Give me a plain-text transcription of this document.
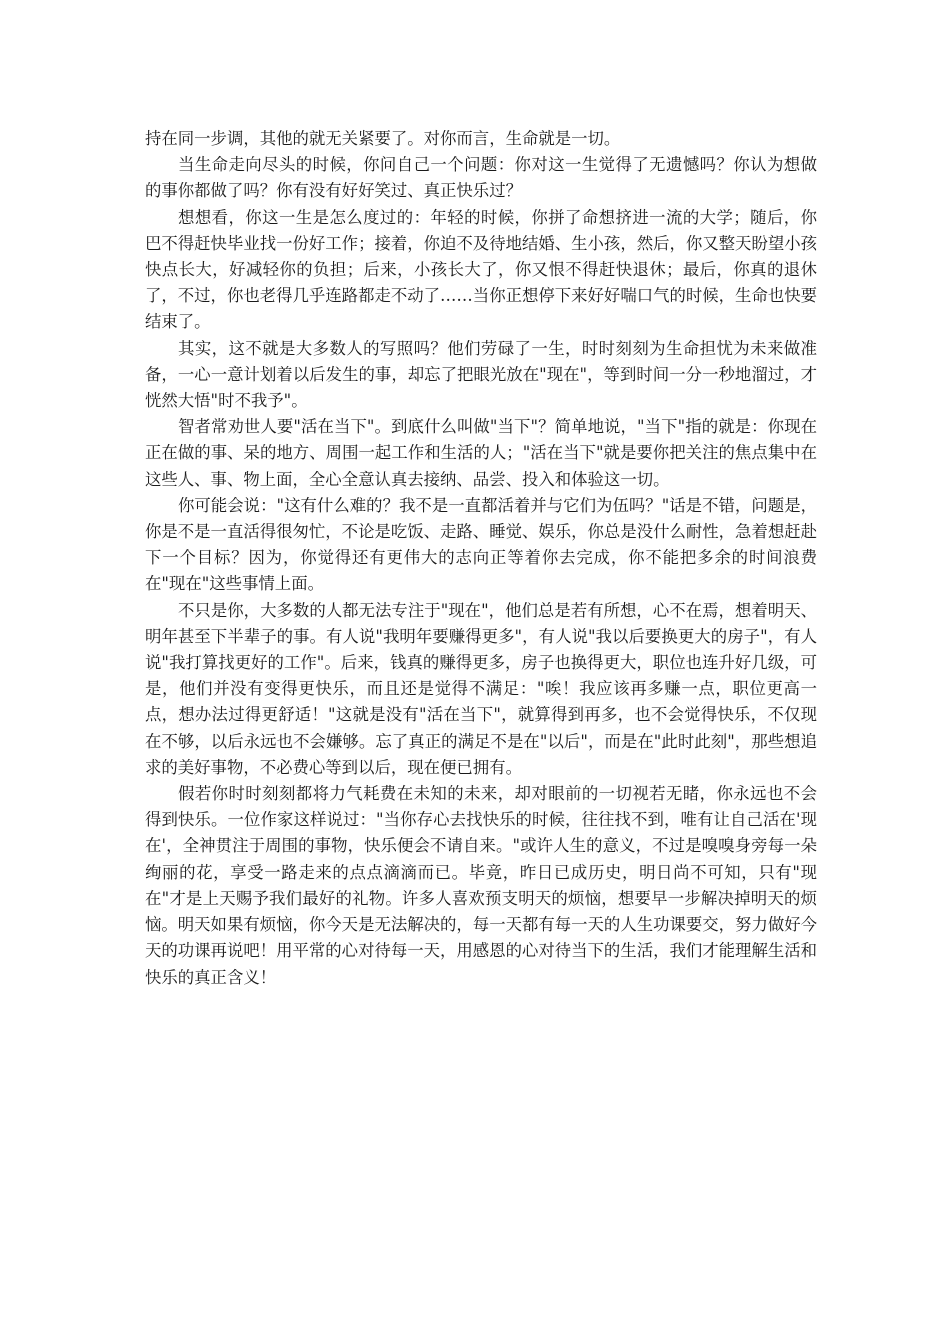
持在同一步调，其他的就无关紧要了。对你而言，生命就是一切。

当生命走向尽头的时候，你问自己一个问题：你对这一生觉得了无遗憾吗？你认为想做的事你都做了吗？你有没有好好笑过、真正快乐过？

想想看，你这一生是怎么度过的：年轻的时候，你拼了命想挤进一流的大学；随后，你巴不得赶快毕业找一份好工作；接着，你迫不及待地结婚、生小孩，然后，你又整天盼望小孩快点长大，好减轻你的负担；后来，小孩长大了，你又恨不得赶快退休；最后，你真的退休了，不过，你也老得几乎连路都走不动了……当你正想停下来好好喘口气的时候，生命也快要结束了。

其实，这不就是大多数人的写照吗？他们劳碌了一生，时时刻刻为生命担忧为未来做准备，一心一意计划着以后发生的事，却忘了把眼光放在"现在"，等到时间一分一秒地溜过，才恍然大悟"时不我予"。

智者常劝世人要"活在当下"。到底什么叫做"当下"？简单地说，"当下"指的就是：你现在正在做的事、呆的地方、周围一起工作和生活的人；"活在当下"就是要你把关注的焦点集中在这些人、事、物上面，全心全意认真去接纳、品尝、投入和体验这一切。

你可能会说："这有什么难的？我不是一直都活着并与它们为伍吗？"话是不错，问题是，你是不是一直活得很匆忙，不论是吃饭、走路、睡觉、娱乐，你总是没什么耐性，急着想赶赴下一个目标？因为，你觉得还有更伟大的志向正等着你去完成，你不能把多余的时间浪费在"现在"这些事情上面。

不只是你，大多数的人都无法专注于"现在"，他们总是若有所想，心不在焉，想着明天、明年甚至下半辈子的事。有人说"我明年要赚得更多"，有人说"我以后要换更大的房子"，有人说"我打算找更好的工作"。后来，钱真的赚得更多，房子也换得更大，职位也连升好几级，可是，他们并没有变得更快乐，而且还是觉得不满足："唉！我应该再多赚一点，职位更高一点，想办法过得更舒适！"这就是没有"活在当下"，就算得到再多，也不会觉得快乐，不仅现在不够，以后永远也不会嫌够。忘了真正的满足不是在"以后"，而是在"此时此刻"，那些想追求的美好事物，不必费心等到以后，现在便已拥有。

假若你时时刻刻都将力气耗费在未知的未来，却对眼前的一切视若无睹，你永远也不会得到快乐。一位作家这样说过："当你存心去找快乐的时候，往往找不到，唯有让自己活在'现在'，全神贯注于周围的事物，快乐便会不请自来。"或许人生的意义，不过是嗅嗅身旁每一朵绚丽的花，享受一路走来的点点滴滴而已。毕竟，昨日已成历史，明日尚不可知，只有"现在"才是上天赐予我们最好的礼物。许多人喜欢预支明天的烦恼，想要早一步解决掉明天的烦恼。明天如果有烦恼，你今天是无法解决的，每一天都有每一天的人生功课要交，努力做好今天的功课再说吧！用平常的心对待每一天，用感恩的心对待当下的生活，我们才能理解生活和快乐的真正含义！
